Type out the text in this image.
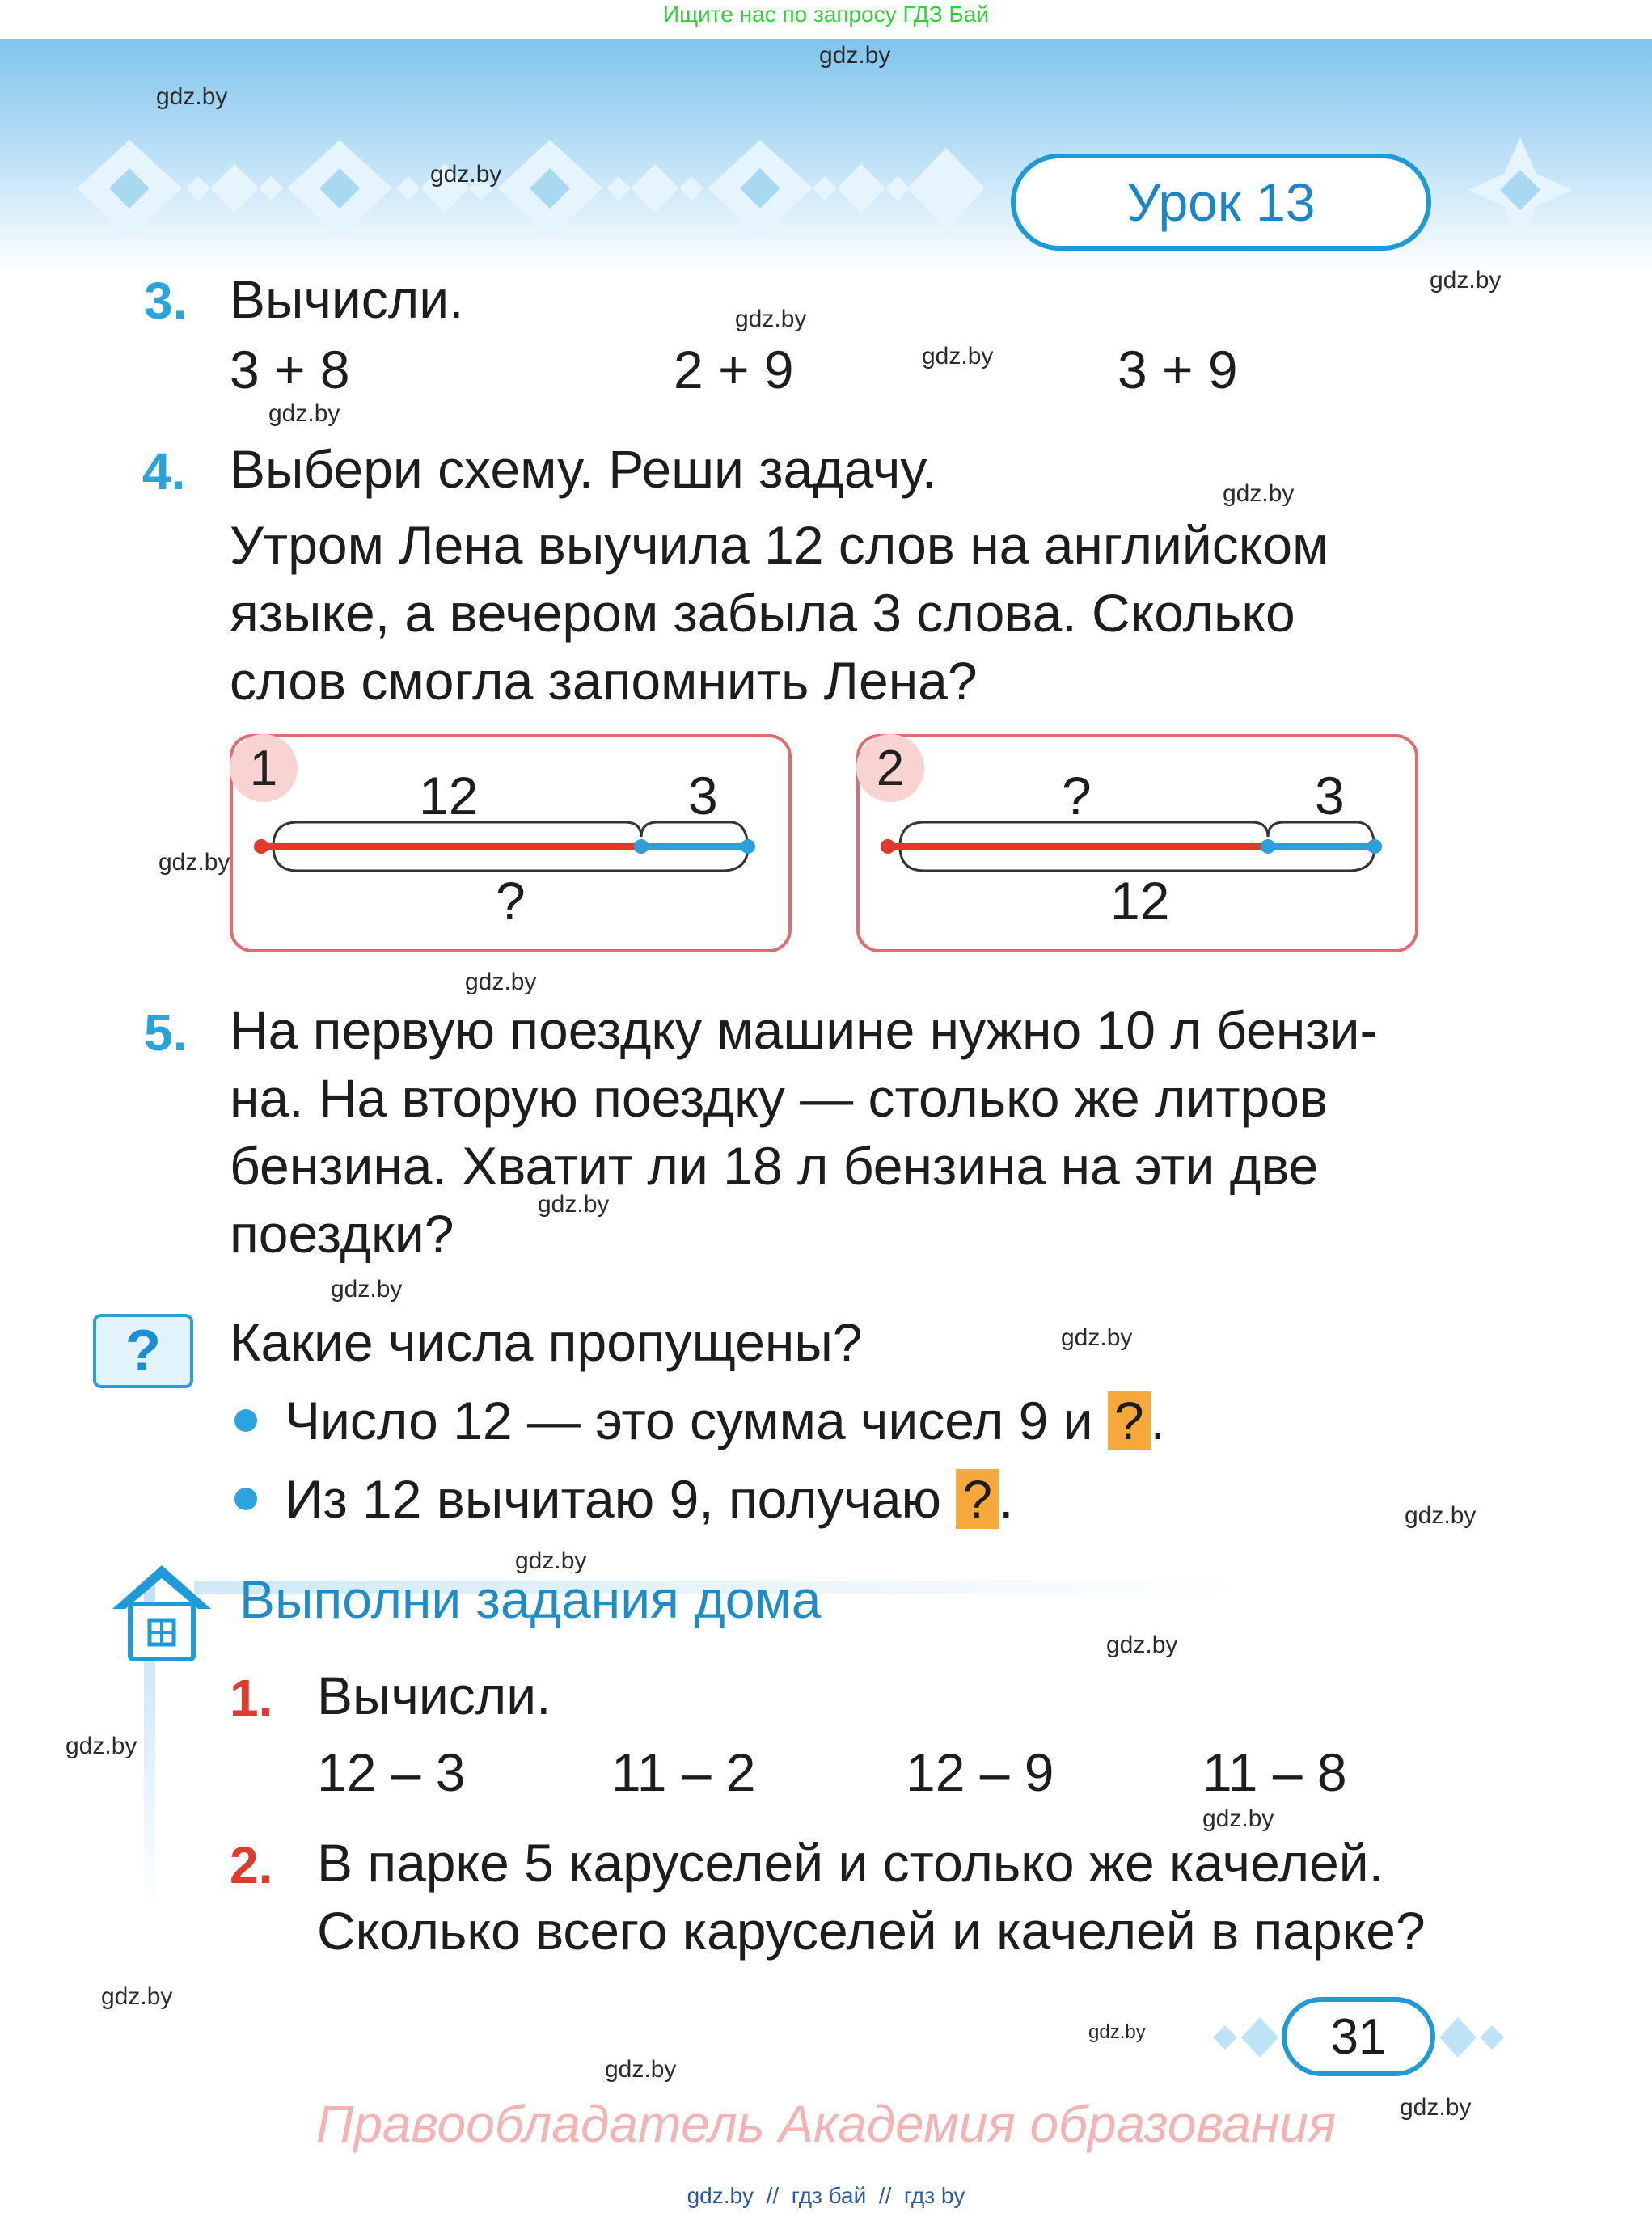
Ищите нас по запросу ГДЗ Бай
Урок 13
gdz.by
gdz.by
gdz.by
gdz.by
gdz.by
gdz.by
gdz.by
gdz.by
gdz.by
gdz.by
gdz.by
gdz.by
gdz.by
gdz.by
gdz.by
gdz.by
gdz.by
gdz.by
gdz.by
gdz.by
gdz.by
gdz.by
3. Вычисли.
3 + 8	2 + 9	3 + 9
4. Выбери схему. Реши задачу.
Утром Лена выучила 12 слов на английском
языке, а вечером забыла 3 слова. Сколько
слов смогла запомнить Лена?
1	12	3
?
2	?	3
12
5. На первую поездку машине нужно 10 л бензи-
на. На вторую поездку — столько же литров
бензина. Хватит ли 18 л бензина на эти две
поездки?
?	Какие числа пропущены?
Число 12 — это сумма чисел 9 и ? .
Из 12 вычитаю 9, получаю ? .
Выполни задания дома
1. Вычисли.
12 – 3	11 – 2	12 – 9	11 – 8
2. В парке 5 каруселей и столько же качелей.
Сколько всего каруселей и качелей в парке?
31
Правообладатель Академия образования
gdz.by  //  гдз бай  //  гдз by
